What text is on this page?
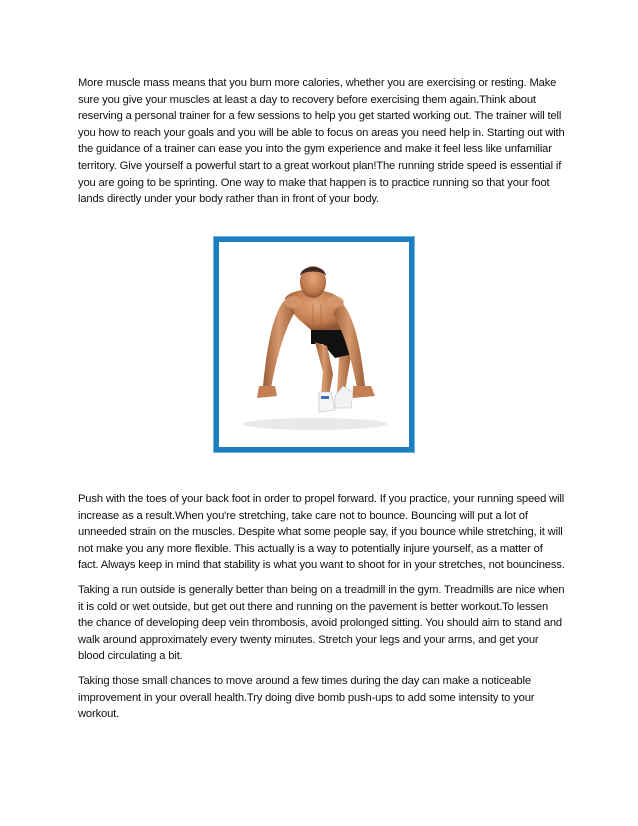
More muscle mass means that you burn more calories, whether you are exercising or resting. Make sure you give your muscles at least a day to recovery before exercising them again.Think about reserving a personal trainer for a few sessions to help you get started working out. The trainer will tell you how to reach your goals and you will be able to focus on areas you need help in. Starting out with the guidance of a trainer can ease you into the gym experience and make it feel less like unfamiliar territory. Give yourself a powerful start to a great workout plan!The running stride speed is essential if you are going to be sprinting. One way to make that happen is to practice running so that your foot lands directly under your body rather than in front of your body.

Push with the toes of your back foot in order to propel forward. If you practice, your running speed will increase as a result.When you're stretching, take care not to bounce. Bouncing will put a lot of unneeded strain on the muscles. Despite what some people say, if you bounce while stretching, it will not make you any more flexible. This actually is a way to potentially injure yourself, as a matter of fact. Always keep in mind that stability is what you want to shoot for in your stretches, not bounciness.

Taking a run outside is generally better than being on a treadmill in the gym. Treadmills are nice when it is cold or wet outside, but get out there and running on the pavement is better workout.To lessen the chance of developing deep vein thrombosis, avoid prolonged sitting. You should aim to stand and walk around approximately every twenty minutes. Stretch your legs and your arms, and get your blood circulating a bit.

Taking those small chances to move around a few times during the day can make a noticeable improvement in your overall health.Try doing dive bomb push-ups to add some intensity to your workout.
